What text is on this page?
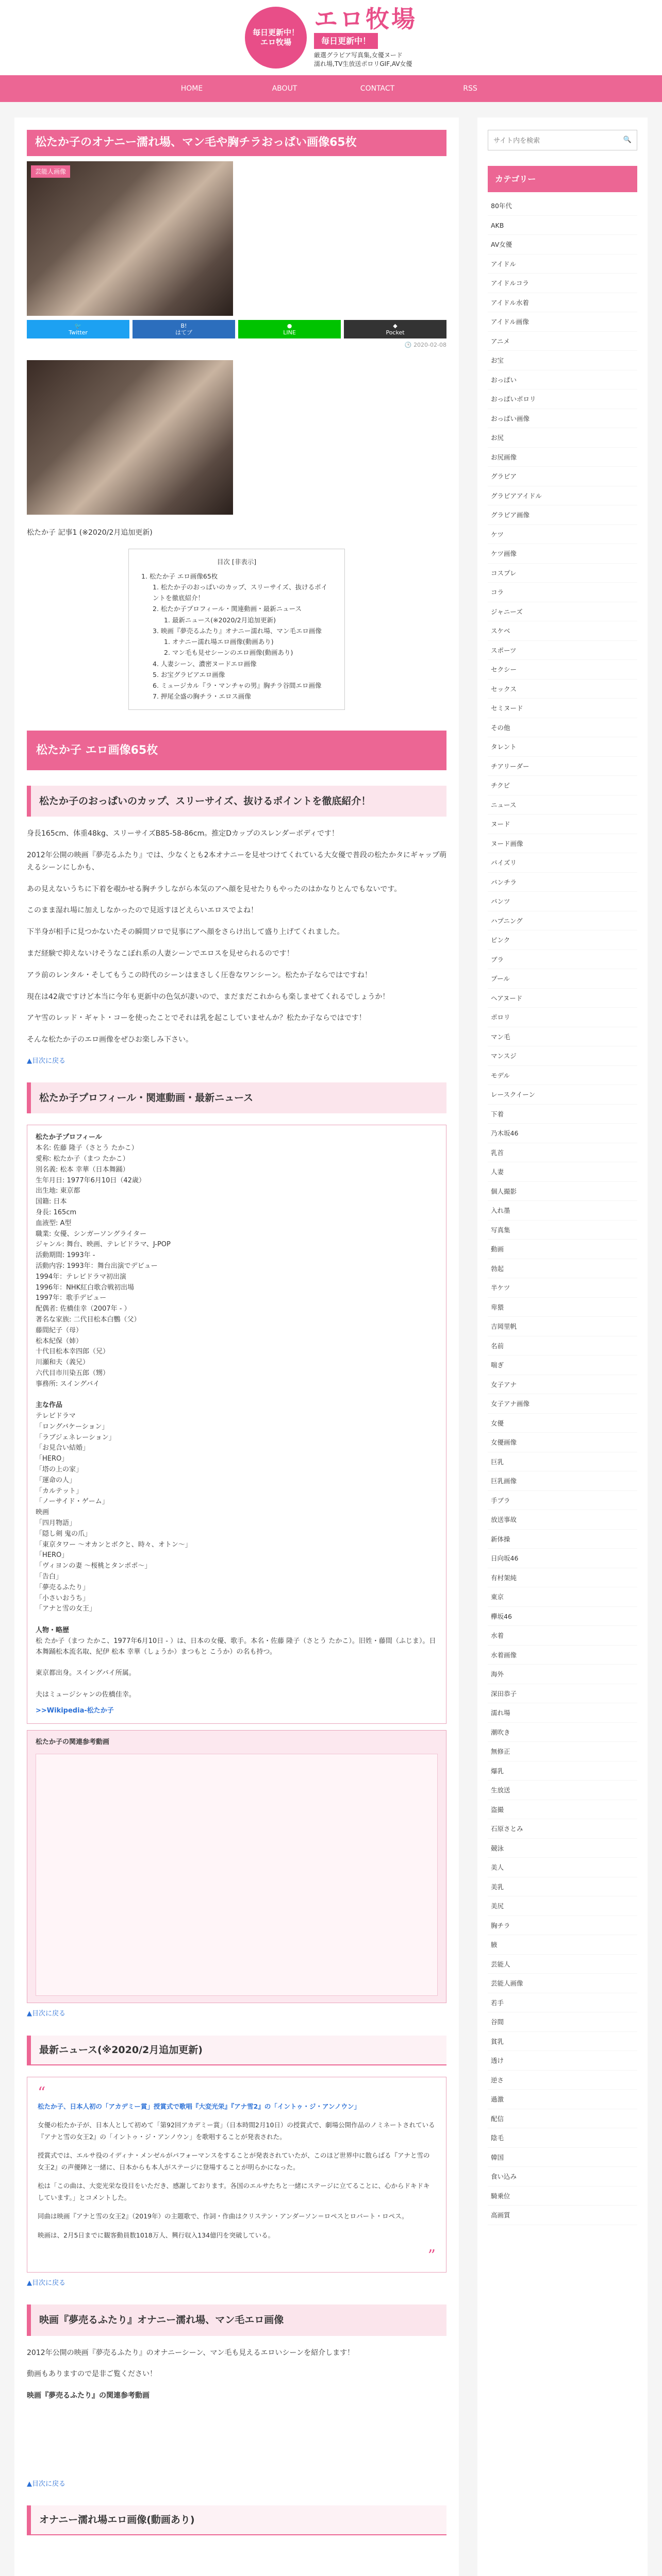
毎日更新中！エロ牧場
エロ牧場
毎日更新中！
厳選グラビア写真集,女優ヌード
濡れ場,TV生放送ポロリGIF,AV女優
HOME	ABOUT	CONTACT	RSS
松たか子のオナニー濡れ場、マン毛や胸チラおっぱい画像65枚
芸能人画像
🐦
Twitter
B!
はてブ
●
LINE
◆
Pocket
🕒 2020-02-08

松たか子 記事1 (※2020/2月追加更新)

目次 [非表示]
1. 松たか子 エロ画像65枚
1. 松たか子のおっぱいのカップ、スリーサイズ、抜けるポイントを徹底紹介！
2. 松たか子プロフィール・関連動画・最新ニュース
1. 最新ニュース(※2020/2月追加更新)
3. 映画『夢売るふたり』オナニー濡れ場、マン毛エロ画像
1. オナニー濡れ場エロ画像(動画あり)
2. マン毛も見せシーンのエロ画像(動画あり)
4. 人妻シーン、濃密ヌードエロ画像
5. お宝グラビアエロ画像
6. ミュージカル『ラ・マンチャの男』胸チラ谷間エロ画像
7. 押尾全盛の胸チラ・エロス画像
松たか子 エロ画像65枚
松たか子のおっぱいのカップ、スリーサイズ、抜けるポイントを徹底紹介！

身長165cm、体重48kg、スリーサイズB85-58-86cm。推定Dカップのスレンダーボディです！

2012年公開の映画『夢売るふたり』では、少なくとも2本オナニーを見せつけてくれている大女優で普段の松たかタにギャップ萌えるシーンにしかも、

あの見えないうちに下着を覗かせる胸チラしながら本気のアヘ顔を見せたりもやったのはかなりとんでもないです。

このまま湿れ場に加えしなかったので見返すほどえらいエロスでよね！

下半身が相手に見つかないたその瞬間ソロで見事にアヘ顔をさらけ出して盛り上げてくれました。

まだ経験で抑えないけそうなこぼれ系の人妻シーンでエロスを見せられるのです！

アラ前のレンタル・そしてもうこの時代のシーンはまさしく圧巻なワンシーン。松たか子ならではですね！

現在は42歳ですけど本当に今年も更新中の色気が凄いので、まだまだこれからも楽しませてくれるでしょうか！

アヤ雪のレッド・ギャト・コーを使ったことでそれは乳を起こしていませんか？松たか子ならではです！

そんな松たか子のエロ画像をぜひお楽しみ下さい。

▲目次に戻る
松たか子プロフィール・関連動画・最新ニュース
松たか子プロフィール
本名: 佐藤 隆子（さとう たかこ）
愛称: 松たか子（まつ たかこ）
別名義: 松本 幸華（日本舞踊）
生年月日: 1977年6月10日（42歳）
出生地: 東京都
国籍: 日本
身長: 165cm
血液型: A型
職業: 女優、シンガーソングライター
ジャンル: 舞台、映画、テレビドラマ、J-POP
活動期間: 1993年 -
活動内容: 1993年：舞台出演でデビュー
1994年：テレビドラマ初出演
1996年：NHK紅白歌合戦初出場
1997年：歌手デビュー
配偶者: 佐橋佳幸（2007年 - ）
著名な家族: 二代目松本白鸚（父）
藤間紀子（母）
松本紀保（姉）
十代目松本幸四郎（兄）
川瀬和夫（義兄）
六代目市川染五郎（甥）
事務所: スイングバイ

主な作品
テレビドラマ
「ロングバケーション」
「ラブジェネレーション」
「お見合い結婚」
「HERO」
「塔の上の家」
「運命の人」
「カルテット」
「ノーサイド・ゲーム」
映画
「四月物語」
「隠し剣 鬼の爪」
「東京タワー 〜オカンとボクと、時々、オトン〜」
「HERO」
「ヴィヨンの妻 〜桜桃とタンポポ〜」
「告白」
「夢売るふたり」
「小さいおうち」
「アナと雪の女王」

人物・略歴
松 たか子（まつ たかこ、1977年6月10日 - ）は、日本の女優、歌手。本名・佐藤 隆子（さとう たかこ）。旧姓・藤間（ふじま）。日本舞踊松本流名取、紀伊 松本 幸華（しょうか）まつもと こうか）の名も持つ。

東京都出身。スイングバイ所属。

夫はミュージシャンの佐橋佳幸。
>>Wikipedia-松たか子
松たか子の関連参考動画
▲目次に戻る
最新ニュース(※2020/2月追加更新)
“

松たか子、日本人初の「アカデミー賞」授賞式で歌唱『大変光栄』『アナ雪2』の「イントゥ・ジ・アンノウン」

女優の松たか子が、日本人として初めて「第92回アカデミー賞」（日本時間2月10日）の授賞式で、劇場公開作品のノミネートされている『アナと雪の女王2』の「イントゥ・ジ・アンノウン」を歌唱することが発表された。

授賞式では、エルサ役のイディナ・メンゼルがパフォーマンスをすることが発表されていたが、このほど世界中に散らばる『アナと雪の女王2』の声優陣と一緒に、日本からも本人がステージに登場することが明らかになった。

松は「この曲は、大変光栄な役目をいただき、感謝しております。各国のエルサたちと一緒にステージに立てることに、心からドキドキしています。」とコメントした。

同曲は映画『アナと雪の女王2』（2019年）の主題歌で、作詞・作曲はクリステン・アンダーソン＝ロペスとロバート・ロペス。

映画は、2月5日までに観客動員数1018万人、興行収入134億円を突破している。

”
▲目次に戻る
映画『夢売るふたり』オナニー濡れ場、マン毛エロ画像

2012年公開の映画『夢売るふたり』のオナニーシーン、マン毛も見えるエロいシーンを紹介します！

動画もありますので是非ご覧ください！

映画『夢売るふたり』の関連参考動画

▲目次に戻る
オナニー濡れ場エロ画像(動画あり)
サイト内を検索
🔍
カテゴリー
80年代
AKB
AV女優
アイドル
アイドルコラ
アイドル水着
アイドル画像
アニメ
お宝
おっぱい
おっぱいポロリ
おっぱい画像
お尻
お尻画像
グラビア
グラビアアイドル
グラビア画像
ケツ
ケツ画像
コスプレ
コラ
ジャニーズ
スケベ
スポーツ
セクシー
セックス
セミヌード
その他
タレント
チアリーダー
チクビ
ニュース
ヌード
ヌード画像
パイズリ
パンチラ
パンツ
ハプニング
ピンク
ブラ
プール
ヘアヌード
ポロリ
マン毛
マンスジ
モデル
レースクイーン
下着
乃木坂46
乳首
人妻
個人撮影
入れ墨
写真集
動画
勃起
半ケツ
卑猥
吉岡里帆
名前
喘ぎ
女子アナ
女子アナ画像
女優
女優画像
巨乳
巨乳画像
手ブラ
放送事故
新体操
日向坂46
有村架純
東京
欅坂46
水着
水着画像
海外
深田恭子
濡れ場
潮吹き
無修正
爆乳
生放送
盗撮
石原さとみ
競泳
美人
美乳
美尻
胸チラ
腋
芸能人
芸能人画像
若手
谷間
貧乳
透け
逆さ
過激
配信
陰毛
韓国
食い込み
騎乗位
高画質
